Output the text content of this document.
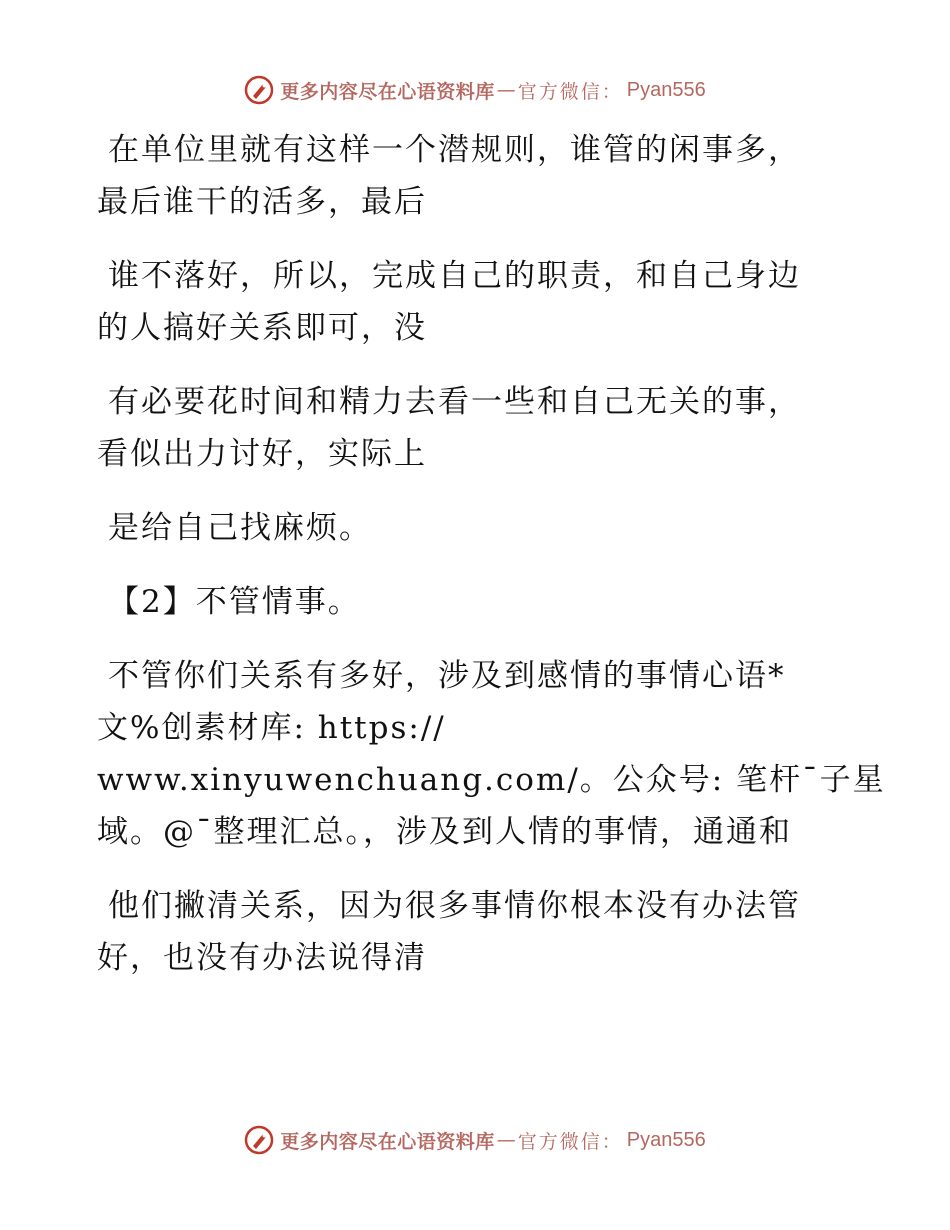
更多内容尽在心语资料库 — 官方微信： Pyan556
在单位里就有这样一个潜规则，谁管的闲事多，
最后谁干的活多，最后
谁不落好，所以，完成自己的职责，和自己身边
的人搞好关系即可，没
有必要花时间和精力去看一些和自己无关的事，
看似出力讨好，实际上
是给自己找麻烦。
【2】不管情事。
不管你们关系有多好，涉及到感情的事情心语*
文%创素材库: https://
www.xinyuwenchuang.com/。公众号: 笔杆¯子星
域。@¯整理汇总。，涉及到人情的事情，通通和
他们撇清关系，因为很多事情你根本没有办法管
好，也没有办法说得清
更多内容尽在心语资料库 — 官方微信： Pyan556
